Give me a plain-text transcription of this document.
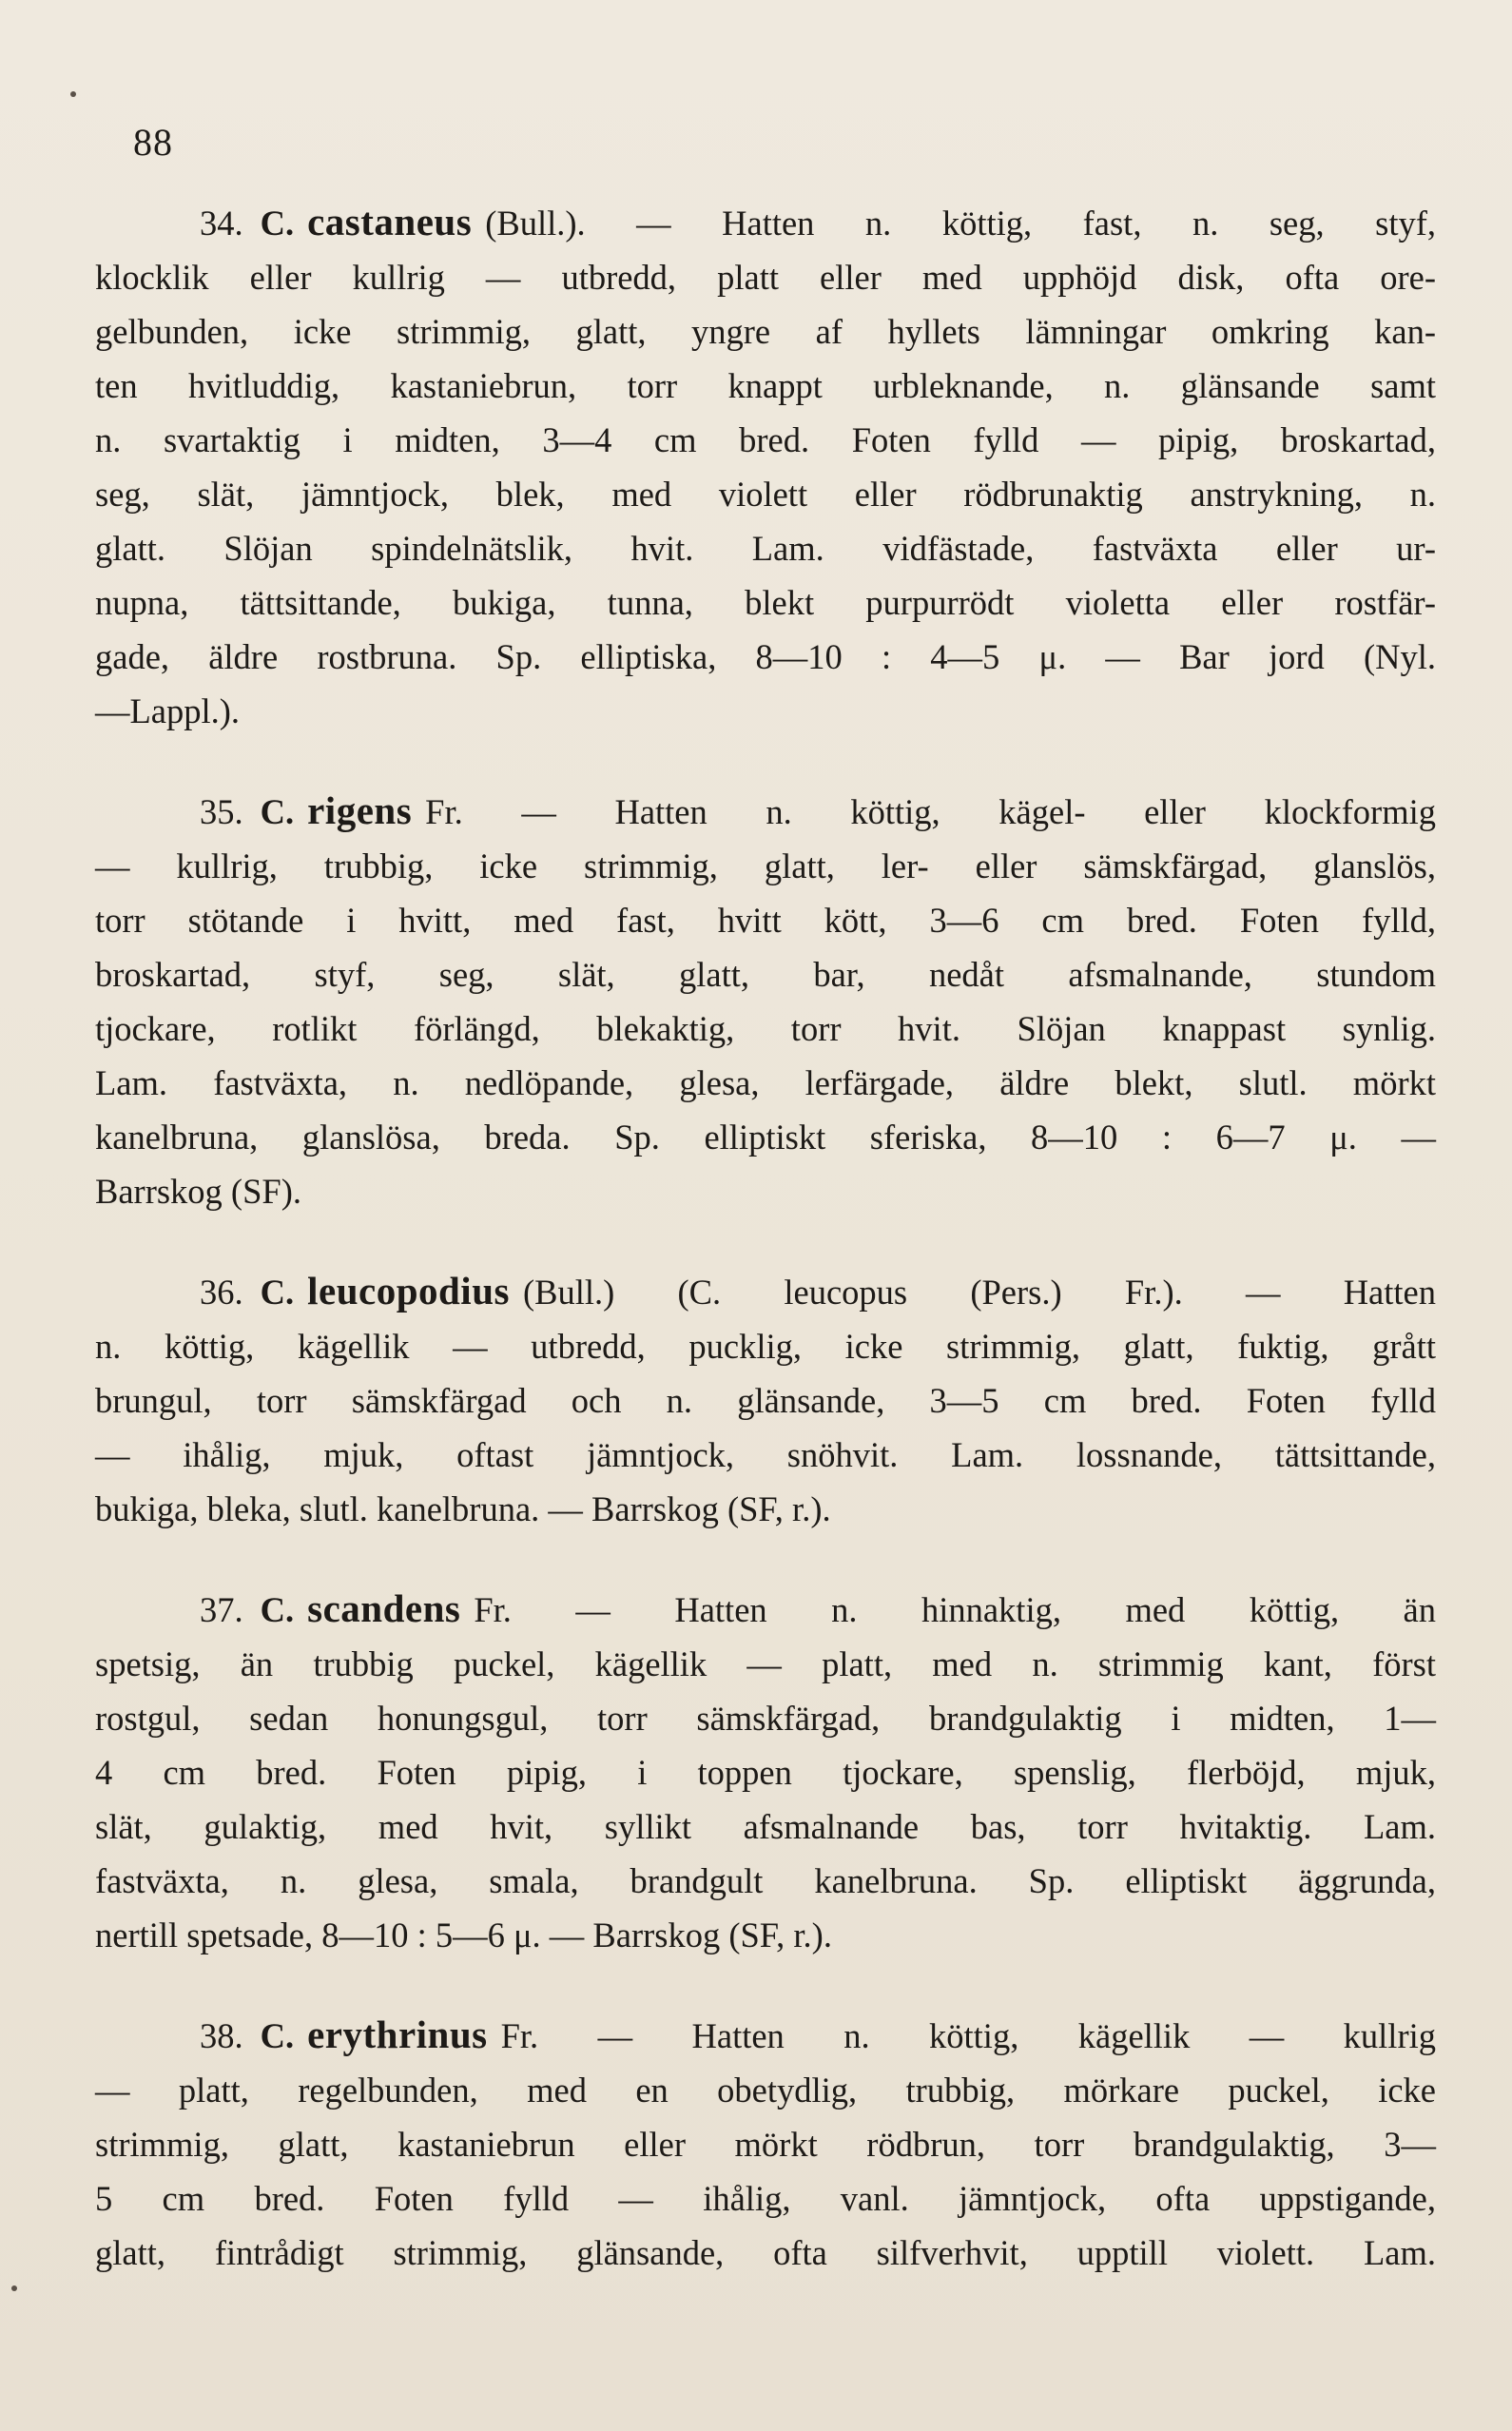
88
34. C. castaneus (Bull.). — Hatten n. köttig, fast, n. seg, styf,
klocklik eller kullrig — utbredd, platt eller med upphöjd disk, ofta ore-
gelbunden, icke strimmig, glatt, yngre af hyllets lämningar omkring kan-
ten hvitluddig, kastaniebrun, torr knappt urbleknande, n. glänsande samt
n. svartaktig i midten, 3—4 cm bred. Foten fylld — pipig, broskartad,
seg, slät, jämntjock, blek, med violett eller rödbrunaktig anstrykning, n.
glatt. Slöjan spindelnätslik, hvit. Lam. vidfästade, fastväxta eller ur-
nupna, tättsittande, bukiga, tunna, blekt purpurrödt violetta eller rostfär-
gade, äldre rostbruna. Sp. elliptiska, 8—10 : 4—5 μ. — Bar jord (Nyl.
—Lappl.).
35. C. rigens Fr. — Hatten n. köttig, kägel- eller klockformig
— kullrig, trubbig, icke strimmig, glatt, ler- eller sämskfärgad, glanslös,
torr stötande i hvitt, med fast, hvitt kött, 3—6 cm bred. Foten fylld,
broskartad, styf, seg, slät, glatt, bar, nedåt afsmalnande, stundom
tjockare, rotlikt förlängd, blekaktig, torr hvit. Slöjan knappast synlig.
Lam. fastväxta, n. nedlöpande, glesa, lerfärgade, äldre blekt, slutl. mörkt
kanelbruna, glanslösa, breda. Sp. elliptiskt sferiska, 8—10 : 6—7 μ. —
Barrskog (SF).
36. C. leucopodius (Bull.) (C. leucopus (Pers.) Fr.). — Hatten
n. köttig, kägellik — utbredd, pucklig, icke strimmig, glatt, fuktig, grått
brungul, torr sämskfärgad och n. glänsande, 3—5 cm bred. Foten fylld
— ihålig, mjuk, oftast jämntjock, snöhvit. Lam. lossnande, tättsittande,
bukiga, bleka, slutl. kanelbruna. — Barrskog (SF, r.).
37. C. scandens Fr. — Hatten n. hinnaktig, med köttig, än
spetsig, än trubbig puckel, kägellik — platt, med n. strimmig kant, först
rostgul, sedan honungsgul, torr sämskfärgad, brandgulaktig i midten, 1—
4 cm bred. Foten pipig, i toppen tjockare, spenslig, flerböjd, mjuk,
slät, gulaktig, med hvit, syllikt afsmalnande bas, torr hvitaktig. Lam.
fastväxta, n. glesa, smala, brandgult kanelbruna. Sp. elliptiskt äggrunda,
nertill spetsade, 8—10 : 5—6 μ. — Barrskog (SF, r.).
38. C. erythrinus Fr. — Hatten n. köttig, kägellik — kullrig
— platt, regelbunden, med en obetydlig, trubbig, mörkare puckel, icke
strimmig, glatt, kastaniebrun eller mörkt rödbrun, torr brandgulaktig, 3—
5 cm bred. Foten fylld — ihålig, vanl. jämntjock, ofta uppstigande,
glatt, fintrådigt strimmig, glänsande, ofta silfverhvit, upptill violett. Lam.
